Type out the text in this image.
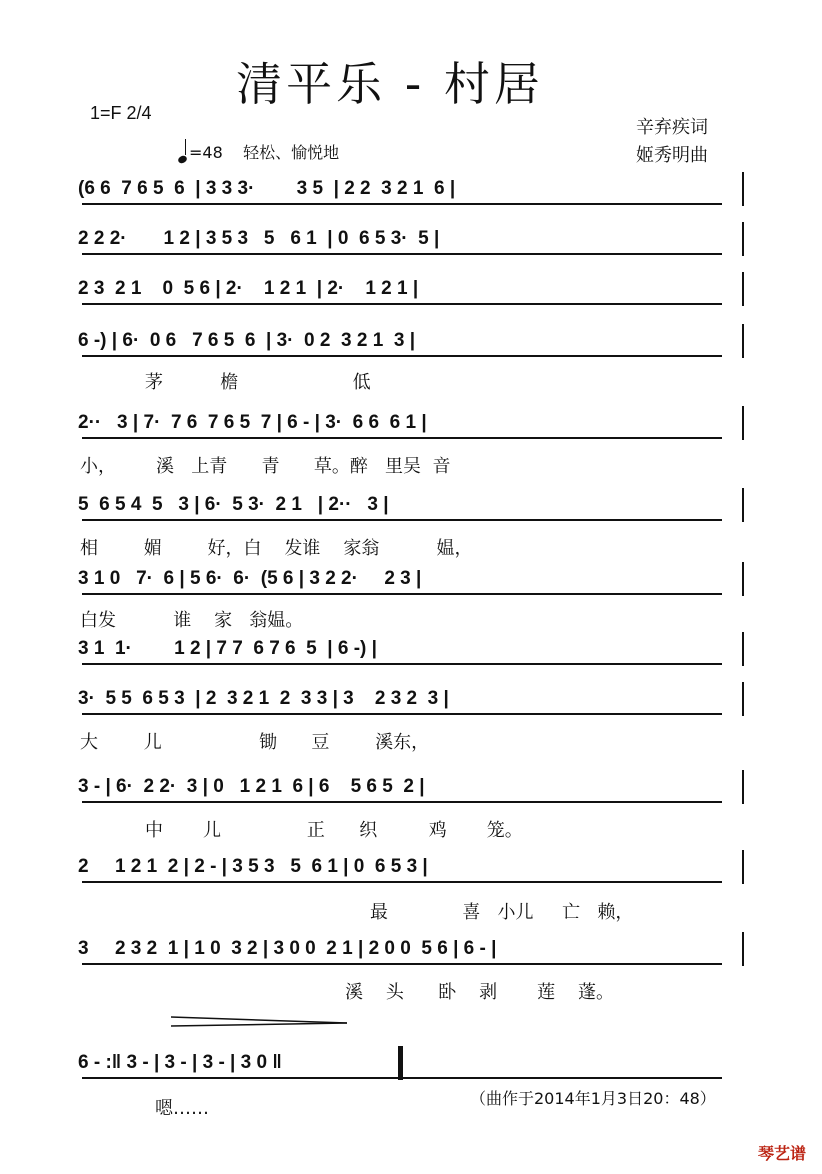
清平乐 - 村居
1=F 2/4
=48 轻松、愉悦地
辛弃疾词
姬秀明曲
(6 6  7 6 5  6  | 3 3 3·        3 5  | 2 2  3 2 1  6 |
2 2 2·       1 2 | 3 5 3   5   6 1  | 0  6 5 3·  5 |
2 3  2 1    0  5 6 | 2·    1 2 1  | 2·    1 2 1 |
6 -) | 6·  0 6   7 6 5  6  | 3·  0 2  3 2 1  3 |
茅          檐                    低
2··   3 | 7·  7 6  7 6 5  7 | 6 - | 3·  6 6  6 1 |
小，       溪   上青      青      草。醉   里吴  音
5  6 5 4  5   3 | 6·  5 3·  2 1   | 2··   3 |
相        媚        好，白    发谁    家翁          媪，
3 1 0   7·  6 | 5 6·  6·  (5 6 | 3 2 2·     2 3 |
白发          谁    家   翁媪。
3 1  1·        1 2 | 7 7  6 7 6  5  | 6 -) |
3·  5 5  6 5 3  | 2  3 2 1  2  3 3 | 3    2 3 2  3 |
大        儿                 锄      豆        溪东，
3 - | 6·  2 2·  3 | 0   1 2 1  6 | 6    5 6 5  2 |
中       儿               正      织         鸡       笼。
2     1 2 1  2 | 2 - | 3 5 3   5  6 1 | 0  6 5 3 |
最             喜   小儿     亡   赖，
3     2 3 2  1 | 1 0  3 2 | 3 0 0  2 1 | 2 0 0  5 6 | 6 - |
溪    头      卧    剥       莲    蓬。
6 - :‖ 3 - | 3 - | 3 - | 3 0 ‖
嗯……	（曲作于2014年1月3日20：48）
琴艺谱
